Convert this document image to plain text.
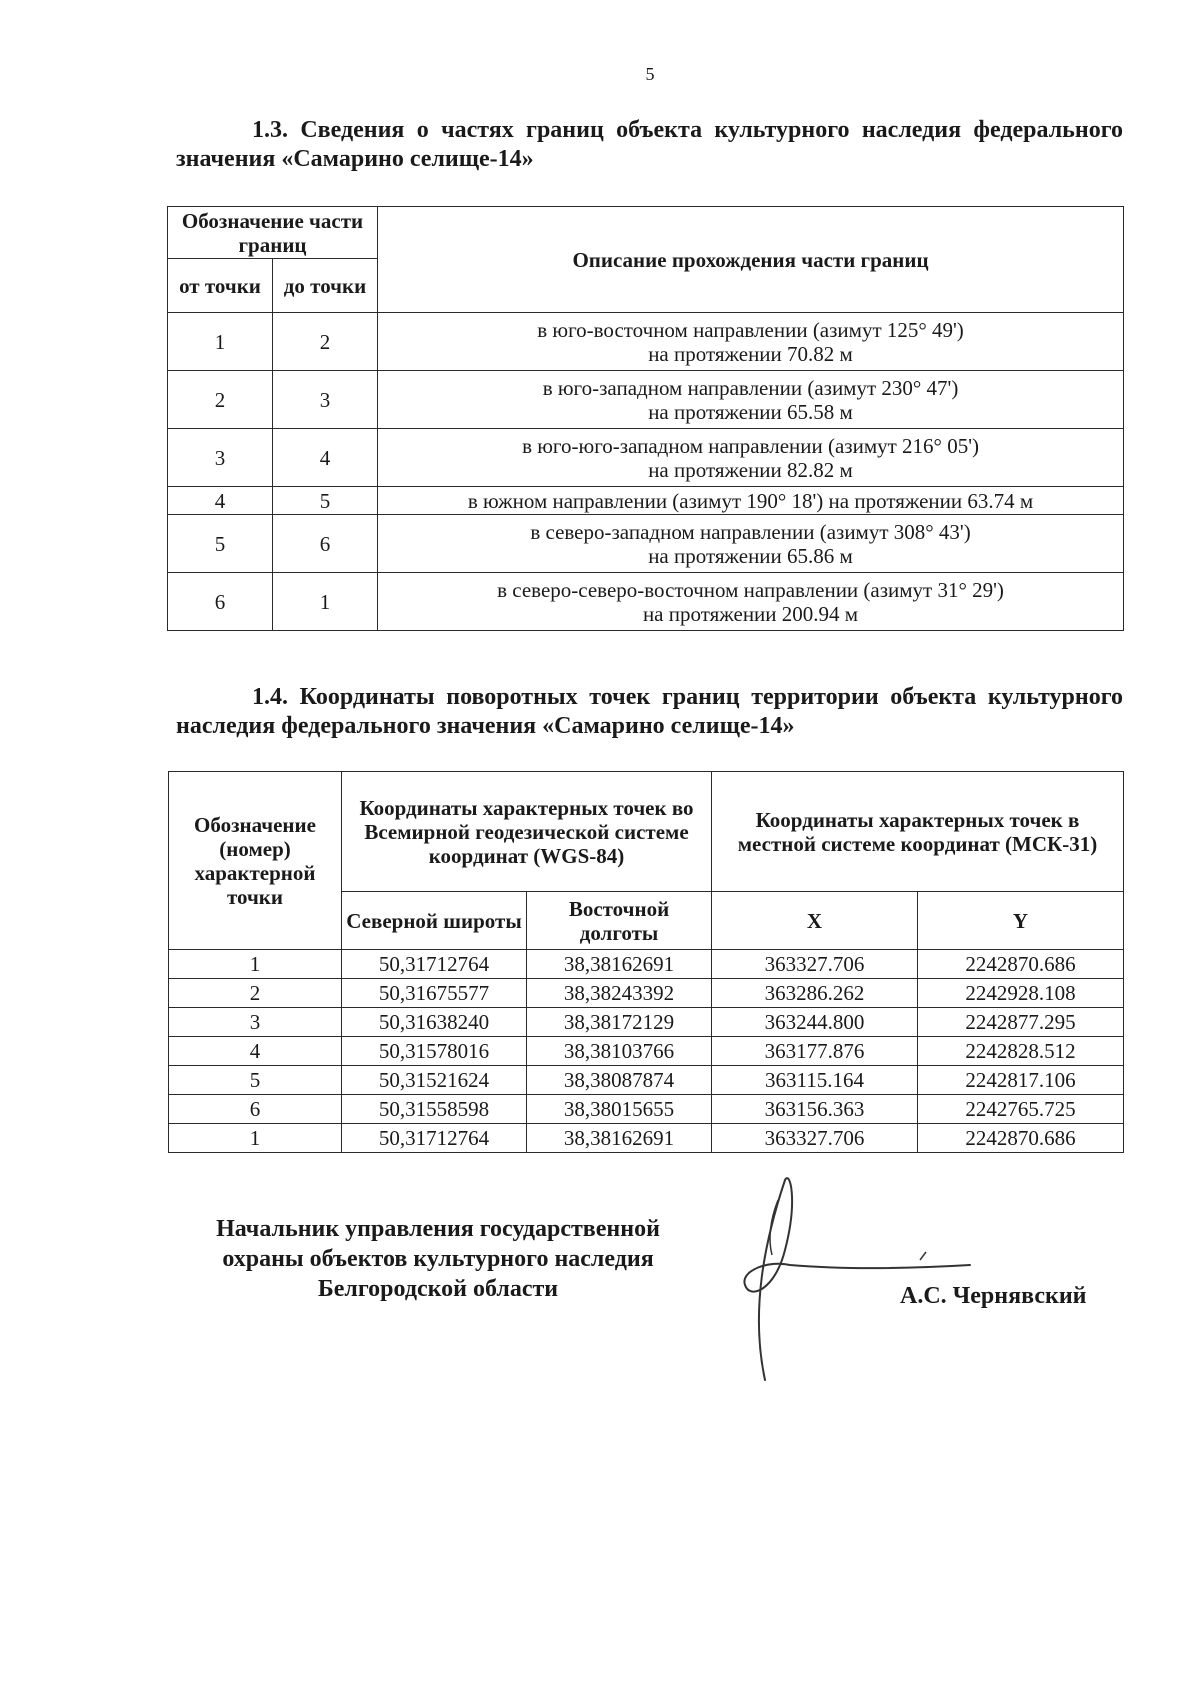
5
1.3. Сведения о частях границ объекта культурного наследия федерального значения «Самарино селище-14»
Обозначение части границ		Описание прохождения части границ
от точки	до точки	
1	2	в юго-восточном направлении (азимут 125° 49')
на протяжении 70.82 м

2	3	в юго-западном направлении (азимут 230° 47')
на протяжении 65.58 м

3	4	в юго-юго-западном направлении (азимут 216° 05')
на протяжении 82.82 м

4	5	в южном направлении (азимут 190° 18') на протяжении 63.74 м

5	6	в северо-западном направлении (азимут 308° 43')
на протяжении 65.86 м

6	1	в северо-северо-восточном направлении (азимут 31° 29')
на протяжении 200.94 м
1.4. Координаты поворотных точек границ территории объекта культурного наследия федерального значения «Самарино селище-14»
Обозначение (номер) характерной точки	Координаты характерных точек во Всемирной геодезической системе координат (WGS-84)		Координаты характерных точек в местной системе координат (МСК-31)	
	Северной широты	Восточной долготы	X	Y
1	50,31712764	38,38162691	363327.706	2242870.686
2	50,31675577	38,38243392	363286.262	2242928.108
3	50,31638240	38,38172129	363244.800	2242877.295
4	50,31578016	38,38103766	363177.876	2242828.512
5	50,31521624	38,38087874	363115.164	2242817.106
6	50,31558598	38,38015655	363156.363	2242765.725
1	50,31712764	38,38162691	363327.706	2242870.686
Начальник управления государственной
охраны объектов культурного наследия
Белгородской области	А.С. Чернявский
